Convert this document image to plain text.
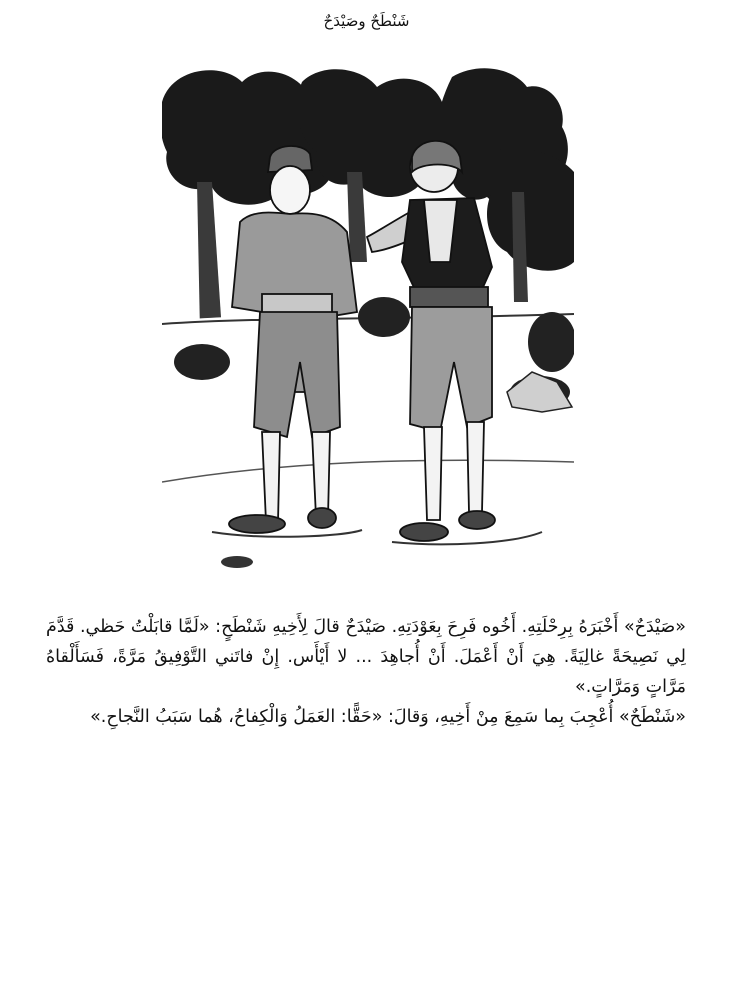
شَنْطَحٌ وصَيْدَحٌ

«صَيْدَحٌ» أَخْبَرَهُ بِرِحْلَتِهِ. أَخُوه فَرِحَ بِعَوْدَتِهِ. صَيْدَحٌ قالَ لِأَخِيهِ شَنْطَحٍ: «لَمَّا قابَلْتُ حَظي. قَدَّمَ لِي نَصِيحَةً غالِيَةً. هِيَ أَنْ أَعْمَلَ. أَنْ أُجاهِدَ ... لا أَيْأَس. إِنْ فاتَني التَّوْفِيقُ مَرَّةً، فَسَأَلْقاهُ مَرَّاتٍ وَمَرَّاتٍ.»

«شَنْطَحٌ» أُعْجِبَ بِما سَمِعَ مِنْ أَخِيهِ، وَقالَ: «حَقًّا: العَمَلُ وَالْكِفاحُ، هُما سَبَبُ النَّجاحِ.»
